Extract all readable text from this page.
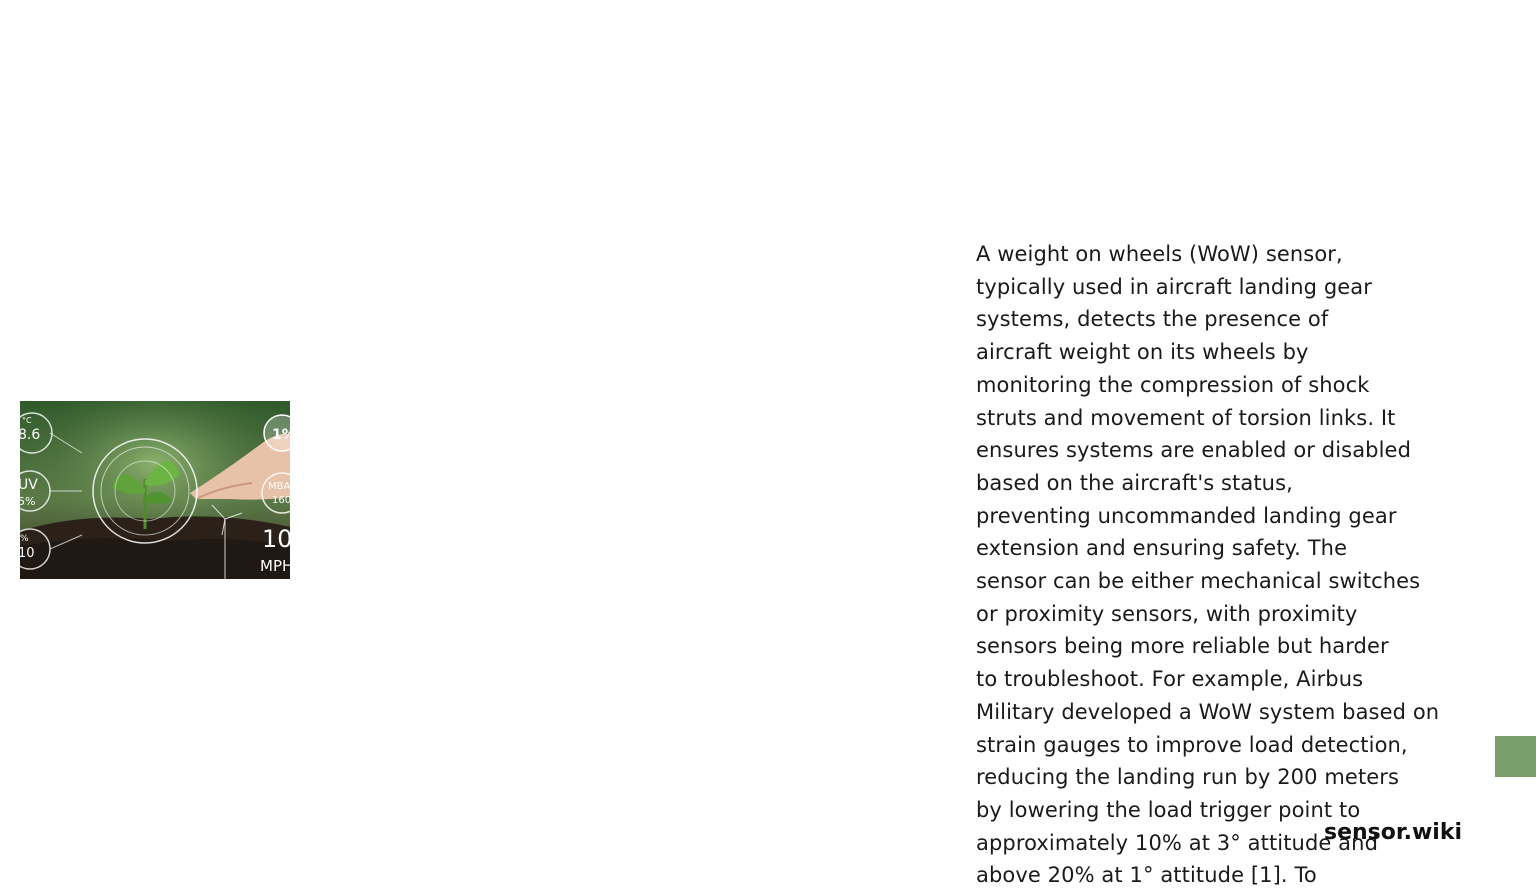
°C
8.6
UV
5%
%
10
1%
MBA
160
10
MPH
A weight on wheels (WoW) sensor,
typically used in aircraft landing gear
systems, detects the presence of
aircraft weight on its wheels by
monitoring the compression of shock
struts and movement of torsion links. It
ensures systems are enabled or disabled
based on the aircraft's status,
preventing uncommanded landing gear
extension and ensuring safety. The
sensor can be either mechanical switches
or proximity sensors, with proximity
sensors being more reliable but harder
to troubleshoot. For example, Airbus
Military developed a WoW system based on
strain gauges to improve load detection,
reducing the landing run by 200 meters
by lowering the load trigger point to
approximately 10% at 3° attitude and
above 20% at 1° attitude [1]. To
sensor.wiki
